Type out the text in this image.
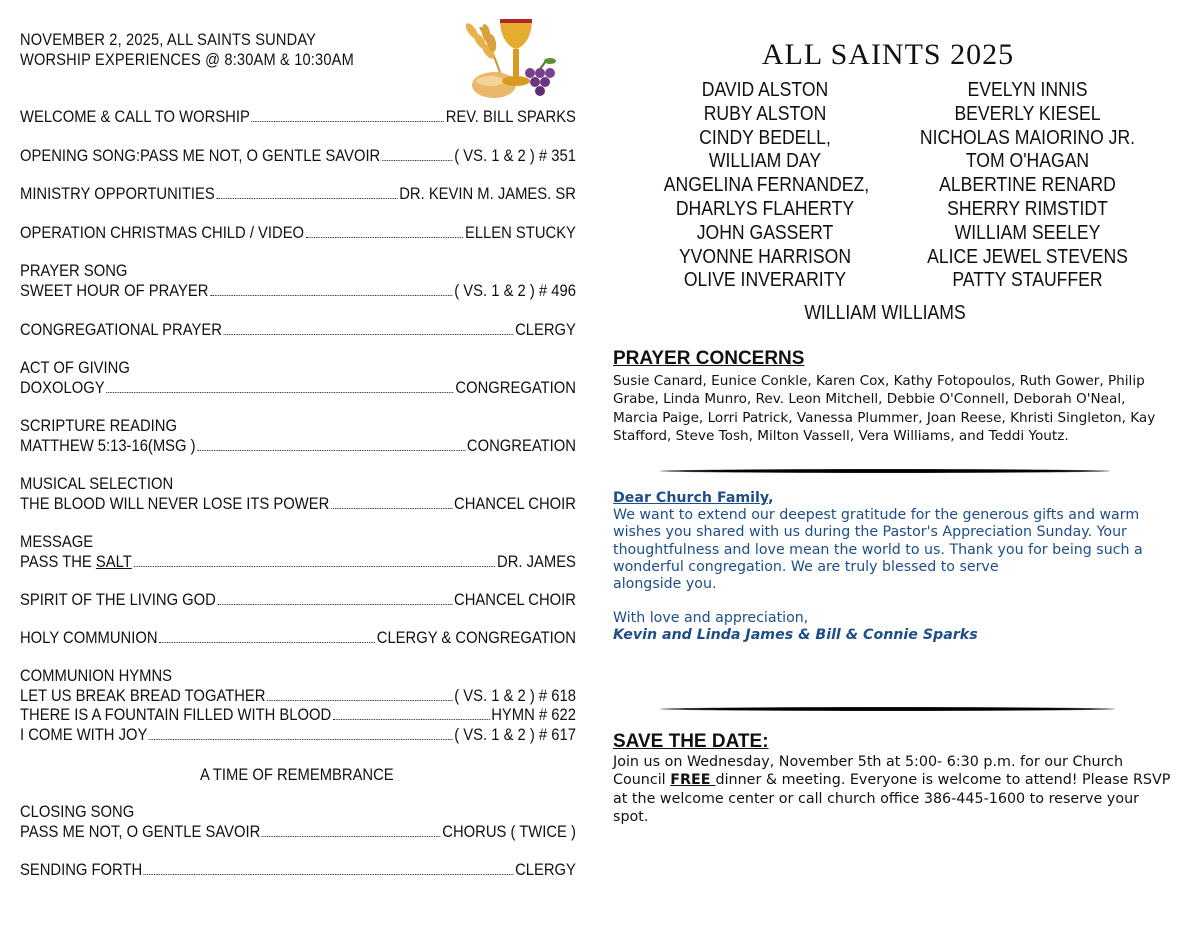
NOVEMBER 2, 2025, ALL SAINTS SUNDAY
WORSHIP EXPERIENCES @ 8:30AM & 10:30AM
WELCOME & CALL TO WORSHIP	REV. BILL SPARKS
OPENING SONG:PASS ME NOT, O GENTLE SAVOIR	( VS. 1 & 2 ) # 351
MINISTRY OPPORTUNITIES	DR. KEVIN M. JAMES. SR
OPERATION CHRISTMAS CHILD / VIDEO	ELLEN STUCKY
PRAYER SONG
SWEET HOUR OF PRAYER	( VS. 1 & 2 ) # 496
CONGREGATIONAL PRAYER	CLERGY
ACT OF GIVING
DOXOLOGY	CONGREGATION
SCRIPTURE READING
MATTHEW 5:13-16(MSG )	CONGREATION
MUSICAL SELECTION
THE BLOOD WILL NEVER LOSE ITS POWER	CHANCEL CHOIR
MESSAGE
PASS THE SALT	DR. JAMES
SPIRIT OF THE LIVING GOD	CHANCEL CHOIR
HOLY COMMUNION	CLERGY & CONGREGATION
COMMUNION HYMNS
LET US BREAK BREAD TOGATHER	( VS. 1 & 2 ) # 618
THERE IS A FOUNTAIN FILLED WITH BLOOD	HYMN # 622
I COME WITH JOY	( VS. 1 & 2 ) # 617
A TIME OF REMEMBRANCE
CLOSING SONG
PASS ME NOT, O GENTLE SAVOIR	CHORUS ( TWICE )
SENDING FORTH	CLERGY
ALL SAINTS 2025
DAVID ALSTON
RUBY ALSTON
CINDY BEDELL,
WILLIAM DAY
ANGELINA FERNANDEZ,
DHARLYS FLAHERTY
JOHN GASSERT
YVONNE HARRISON
OLIVE INVERARITY
EVELYN INNIS
BEVERLY KIESEL
NICHOLAS MAIORINO JR.
TOM O'HAGAN
ALBERTINE RENARD
SHERRY RIMSTIDT
WILLIAM SEELEY
ALICE JEWEL STEVENS
PATTY STAUFFER
WILLIAM WILLIAMS
PRAYER CONCERNS
Susie Canard, Eunice Conkle, Karen Cox, Kathy Fotopoulos, Ruth Gower, Philip Grabe, Linda Munro, Rev. Leon Mitchell, Debbie O'Connell, Deborah O'Neal, Marcia Paige, Lorri Patrick, Vanessa Plummer, Joan Reese, Khristi Singleton, Kay Stafford, Steve Tosh, Milton Vassell, Vera Williams, and Teddi Youtz.
Dear Church Family,
We want to extend our deepest gratitude for the generous gifts and warm wishes you shared with us during the Pastor's Appreciation Sunday. Your thoughtfulness and love mean the world to us. Thank you for being such a wonderful congregation. We are truly blessed to serve
alongside you.
With love and appreciation,
Kevin and Linda James & Bill & Connie Sparks
SAVE THE DATE:
Join us on Wednesday, November 5th at 5:00- 6:30 p.m. for our Church Council FREE dinner & meeting. Everyone is welcome to attend! Please RSVP at the welcome center or call church office 386-445-1600 to reserve your spot.
